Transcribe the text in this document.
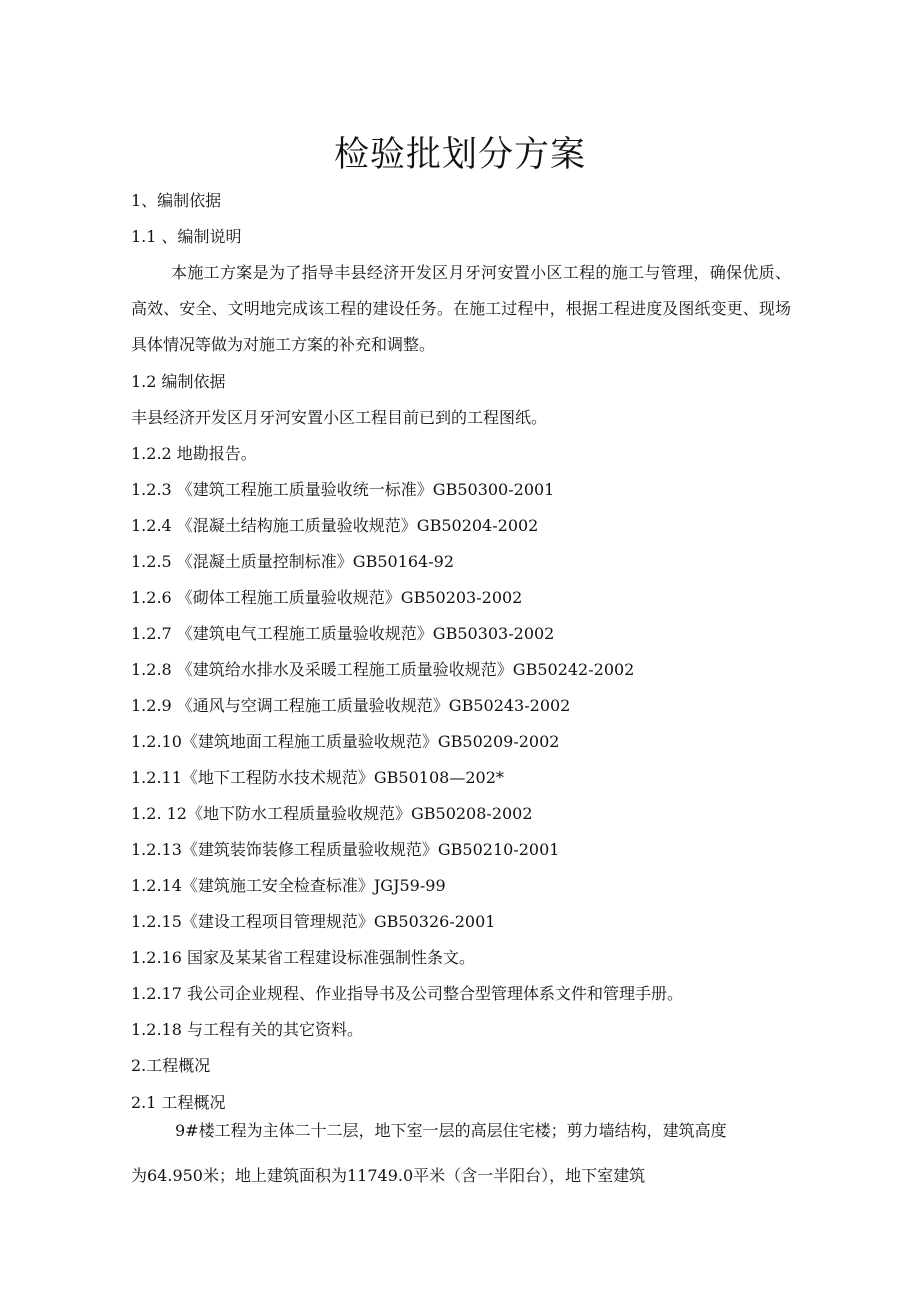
检验批划分方案
1、编制依据
1.1 、编制说明

本施工方案是为了指导丰县经济开发区月牙河安置小区工程的施工与管理，确保优质、高效、安全、文明地完成该工程的建设任务。在施工过程中，根据工程进度及图纸变更、现场具体情况等做为对施工方案的补充和调整。

1.2 编制依据
丰县经济开发区月牙河安置小区工程目前已到的工程图纸。
1.2.2 地勘报告。
1.2.3 《建筑工程施工质量验收统一标准》GB50300-2001
1.2.4 《混凝土结构施工质量验收规范》GB50204-2002
1.2.5 《混凝土质量控制标准》GB50164-92
1.2.6 《砌体工程施工质量验收规范》GB50203-2002
1.2.7 《建筑电气工程施工质量验收规范》GB50303-2002
1.2.8 《建筑给水排水及采暖工程施工质量验收规范》GB50242-2002
1.2.9 《通风与空调工程施工质量验收规范》GB50243-2002
1.2.10《建筑地面工程施工质量验收规范》GB50209-2002
1.2.11《地下工程防水技术规范》GB50108—202*
1.2. 12《地下防水工程质量验收规范》GB50208-2002
1.2.13《建筑装饰装修工程质量验收规范》GB50210-2001
1.2.14《建筑施工安全检查标准》JGJ59-99
1.2.15《建设工程项目管理规范》GB50326-2001
1.2.16 国家及某某省工程建设标准强制性条文。
1.2.17 我公司企业规程、作业指导书及公司整合型管理体系文件和管理手册。
1.2.18 与工程有关的其它资料。
2.工程概况
2.1 工程概况

9#楼工程为主体二十二层，地下室一层的高层住宅楼；剪力墙结构，建筑高度为64.950米；地上建筑面积为11749.0平米（含一半阳台），地下室建筑
